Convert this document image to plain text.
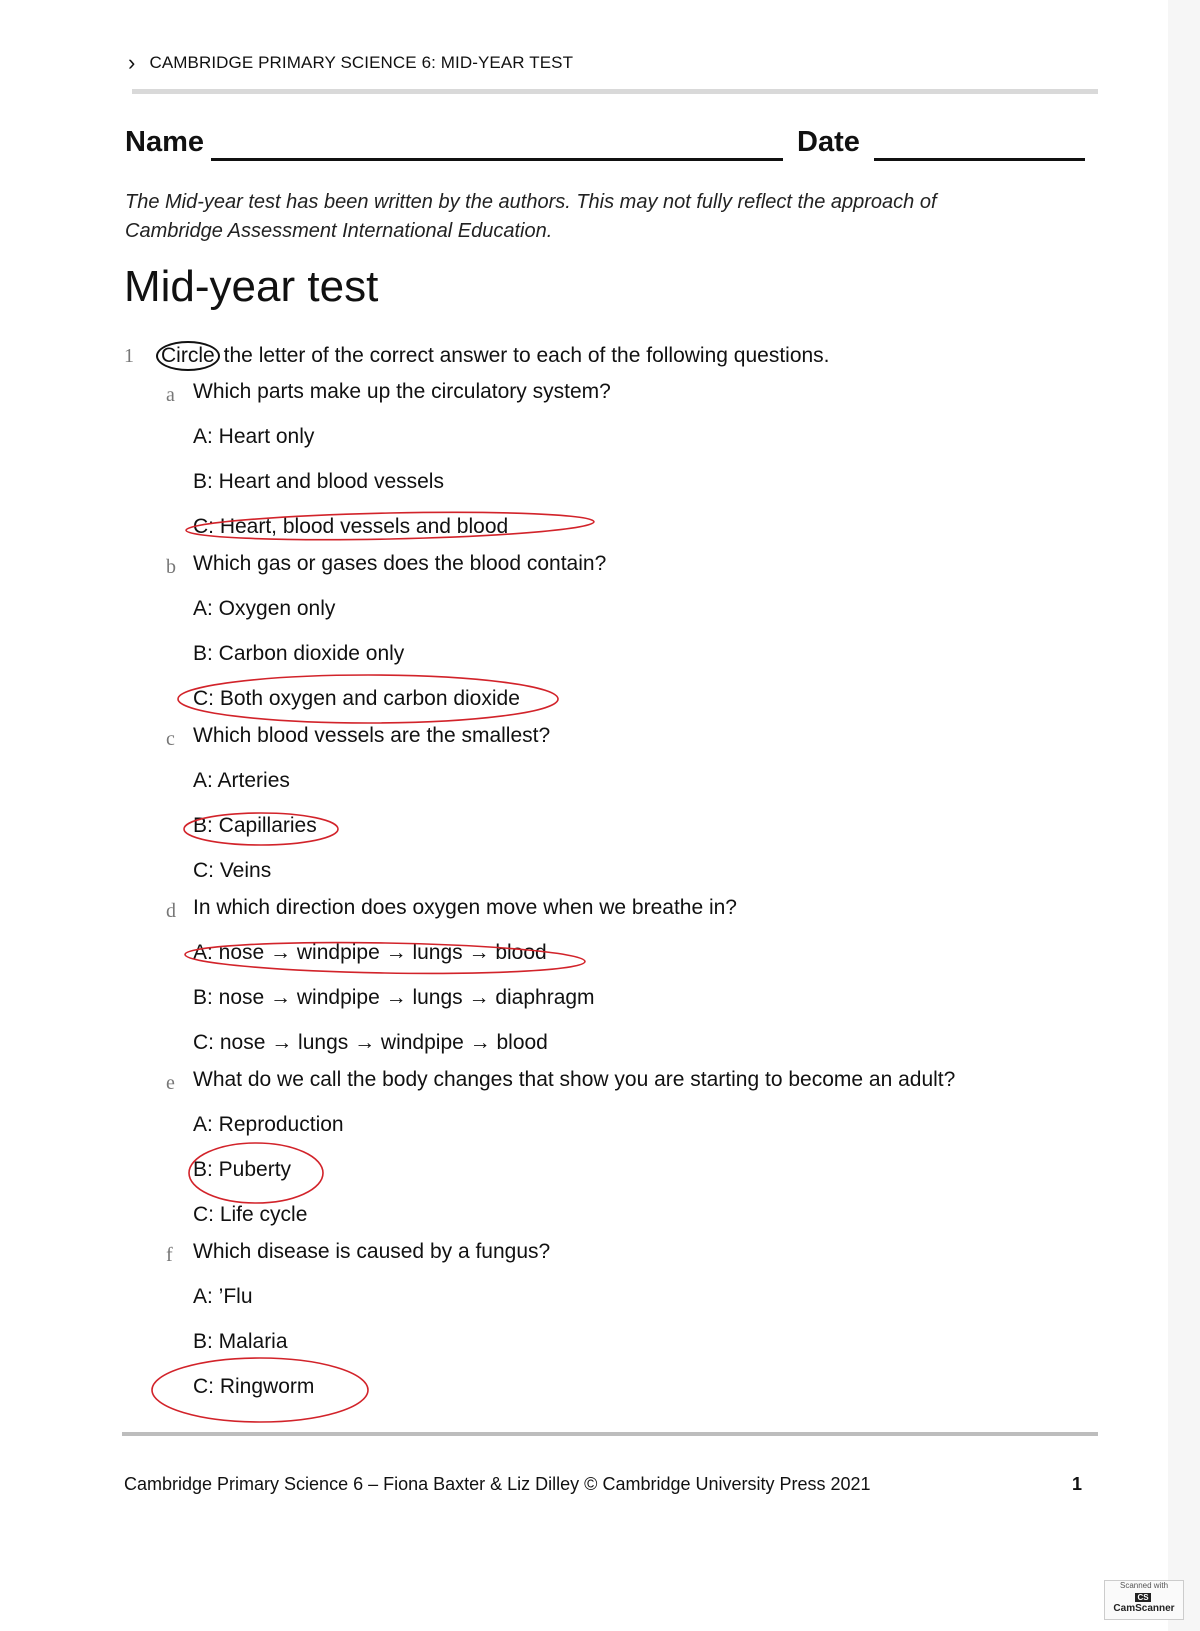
› CAMBRIDGE PRIMARY SCIENCE 6: MID-YEAR TEST
Name	Date
The Mid-year test has been written by the authors. This may not fully reflect the approach of
Cambridge Assessment International Education.
Mid-year test
1 Circle the letter of the correct answer to each of the following questions.
a Which parts make up the circulatory system?
A: Heart only
B: Heart and blood vessels
C: Heart, blood vessels and blood
b Which gas or gases does the blood contain?
A: Oxygen only
B: Carbon dioxide only
C: Both oxygen and carbon dioxide
c Which blood vessels are the smallest?
A: Arteries
B: Capillaries
C: Veins
d In which direction does oxygen move when we breathe in?
A: nose → windpipe → lungs → blood
B: nose → windpipe → lungs → diaphragm
C: nose → lungs → windpipe → blood
e What do we call the body changes that show you are starting to become an adult?
A: Reproduction
B: Puberty
C: Life cycle
f Which disease is caused by a fungus?
A: ’Flu
B: Malaria
C: Ringworm
Cambridge Primary Science 6 – Fiona Baxter & Liz Dilley © Cambridge University Press 2021	1
Scanned with
CSCamScanner
